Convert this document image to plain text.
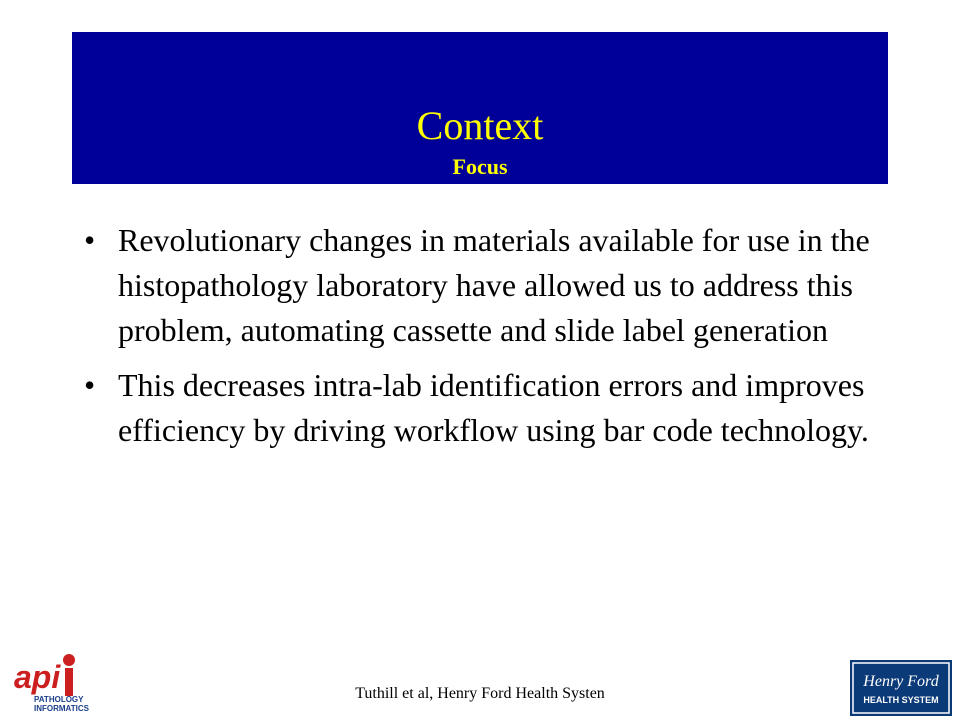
Context
Focus
• Revolutionary changes in materials available for use in the histopathology laboratory have allowed us to address this problem, automating cassette and slide label generation
• This decreases intra-lab identification errors and improves efficiency by driving workflow using bar code technology.
api
PATHOLOGY
INFORMATICS
Tuthill et al, Henry Ford Health Systen
Henry Ford
HEALTH SYSTEM
